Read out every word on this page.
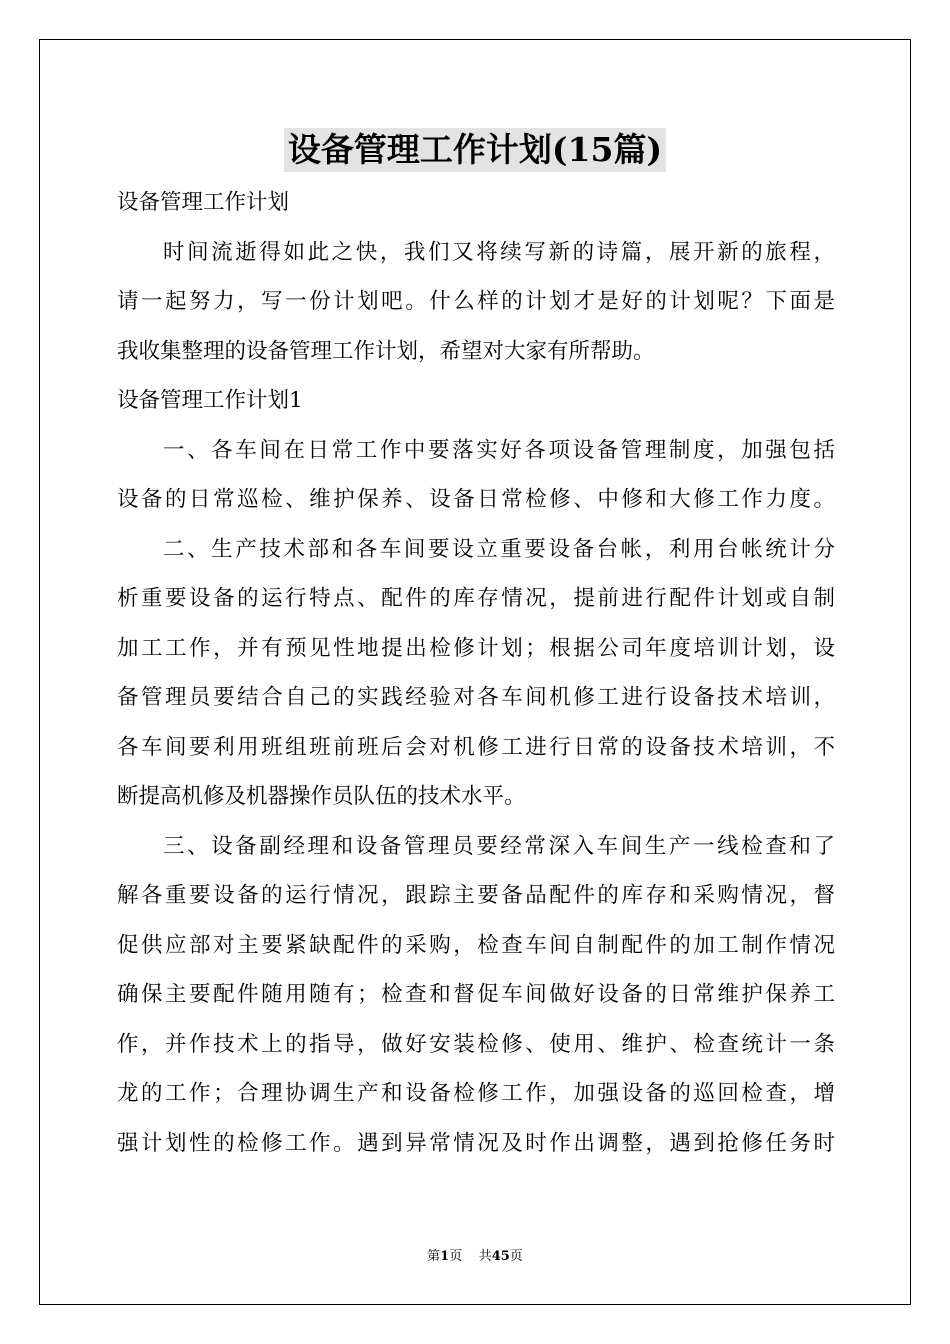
设备管理工作计划(15篇)
设备管理工作计划
时间流逝得如此之快，我们又将续写新的诗篇，展开新的旅程，
请一起努力，写一份计划吧。什么样的计划才是好的计划呢？下面是
我收集整理的设备管理工作计划，希望对大家有所帮助。
设备管理工作计划1
一、各车间在日常工作中要落实好各项设备管理制度，加强包括
设备的日常巡检、维护保养、设备日常检修、中修和大修工作力度。
二、生产技术部和各车间要设立重要设备台帐，利用台帐统计分
析重要设备的运行特点、配件的库存情况，提前进行配件计划或自制
加工工作，并有预见性地提出检修计划；根据公司年度培训计划，设
备管理员要结合自己的实践经验对各车间机修工进行设备技术培训，
各车间要利用班组班前班后会对机修工进行日常的设备技术培训，不
断提高机修及机器操作员队伍的技术水平。
三、设备副经理和设备管理员要经常深入车间生产一线检查和了
解各重要设备的运行情况，跟踪主要备品配件的库存和采购情况，督
促供应部对主要紧缺配件的采购，检查车间自制配件的加工制作情况
确保主要配件随用随有；检查和督促车间做好设备的日常维护保养工
作，并作技术上的指导，做好安装检修、使用、维护、检查统计一条
龙的工作；合理协调生产和设备检修工作，加强设备的巡回检查，增
强计划性的检修工作。遇到异常情况及时作出调整，遇到抢修任务时
第1页 共45页
